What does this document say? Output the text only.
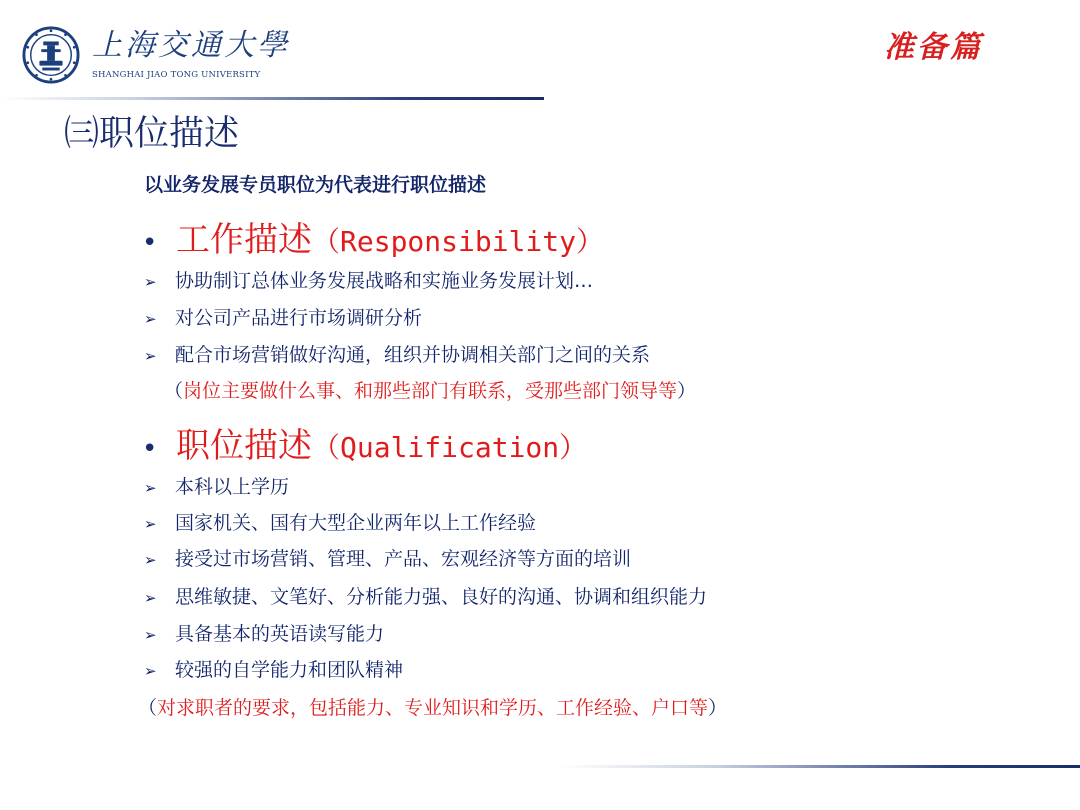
上海交通大學
SHANGHAI JIAO TONG UNIVERSITY
准备篇
㈢职位描述
以业务发展专员职位为代表进行职位描述
• 工作描述（Responsibility）
➢ 协助制订总体业务发展战略和实施业务发展计划…
➢ 对公司产品进行市场调研分析
➢ 配合市场营销做好沟通，组织并协调相关部门之间的关系
（岗位主要做什么事、和那些部门有联系，受那些部门领导等）
• 职位描述（Qualification）
➢ 本科以上学历
➢ 国家机关、国有大型企业两年以上工作经验
➢ 接受过市场营销、管理、产品、宏观经济等方面的培训
➢ 思维敏捷、文笔好、分析能力强、良好的沟通、协调和组织能力
➢ 具备基本的英语读写能力
➢ 较强的自学能力和团队精神
（对求职者的要求，包括能力、专业知识和学历、工作经验、户口等）
